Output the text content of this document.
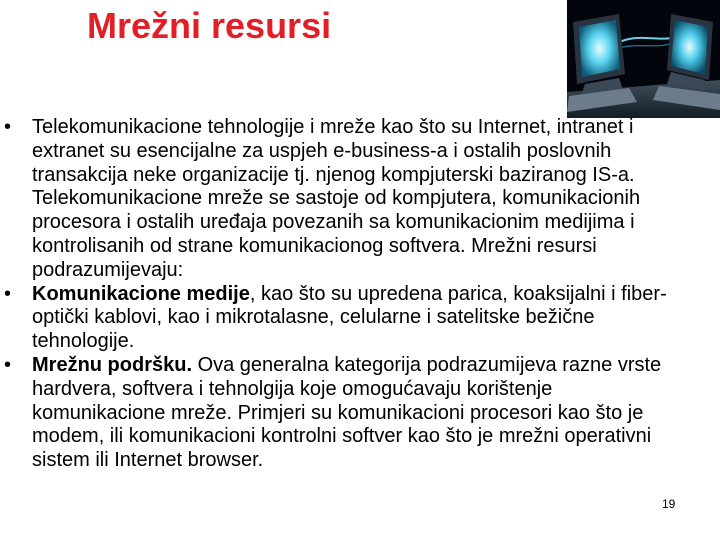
Mrežni resursi
• Telekomunikacione tehnologije i mreže kao što su Internet, intranet i extranet su esencijalne za uspjeh e-business-a i ostalih poslovnih transakcija neke organizacije tj. njenog kompjuterski baziranog IS-a. Telekomunikacione mreže se sastoje od kompjutera, komunikacionih procesora i ostalih uređaja povezanih sa komunikacionim medijima i kontrolisanih od strane komunikacionog softvera. Mrežni resursi podrazumijevaju:
• Komunikacione medije, kao što su upredena parica, koaksijalni i fiber-optički kablovi, kao i mikrotalasne, celularne i satelitske bežične tehnologije.
• Mrežnu podršku. Ova generalna kategorija podrazumijeva razne vrste hardvera, softvera i tehnolgija koje omogućavaju korištenje komunikacione mreže. Primjeri su komunikacioni procesori kao što je modem, ili komunikacioni kontrolni softver kao što je mrežni operativni sistem ili Internet browser.
19
